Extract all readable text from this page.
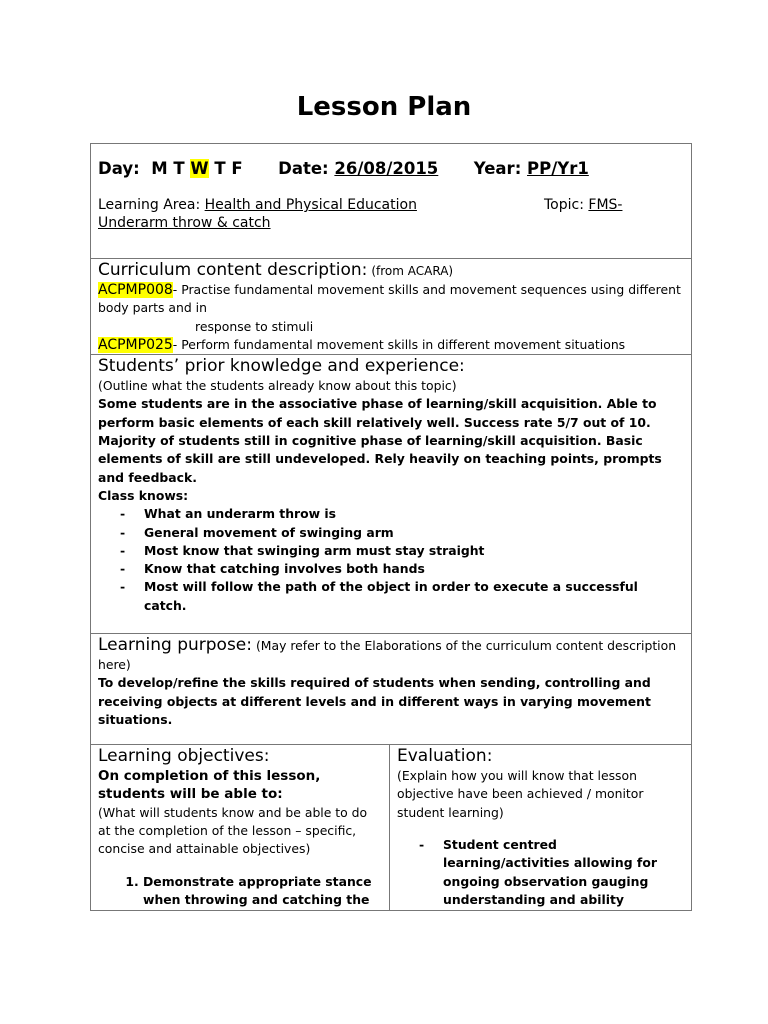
Lesson Plan
Day: M T W T F Date: 26/08/2015 Year: PP/Yr1
Learning Area: Health and Physical Education	Topic: FMS-

Underarm throw & catch

Curriculum content description: (from ACARA)
ACPMP008- Practise fundamental movement skills and movement sequences using different body parts and in
response to stimuli
ACPMP025- Perform fundamental movement skills in different movement situations

Students’ prior knowledge and experience:
(Outline what the students already know about this topic)
Some students are in the associative phase of learning/skill acquisition. Able to perform basic elements of each skill relatively well. Success rate 5/7 out of 10. Majority of students still in cognitive phase of learning/skill acquisition. Basic elements of skill are still undeveloped. Rely heavily on teaching points, prompts and feedback.
Class knows:
- What an underarm throw is
- General movement of swinging arm
- Most know that swinging arm must stay straight
- Know that catching involves both hands
- Most will follow the path of the object in order to execute a successful catch.

Learning purpose: (May refer to the Elaborations of the curriculum content description here)
To develop/refine the skills required of students when sending, controlling and receiving objects at different levels and in different ways in varying movement situations.

Learning objectives:
On completion of this lesson, students will be able to:
(What will students know and be able to do at the completion of the lesson – specific, concise and attainable objectives)
1. Demonstrate appropriate stance when throwing and catching the

Evaluation:
(Explain how you will know that lesson objective have been achieved / monitor student learning)
- Student centred learning/activities allowing for ongoing observation gauging understanding and ability
